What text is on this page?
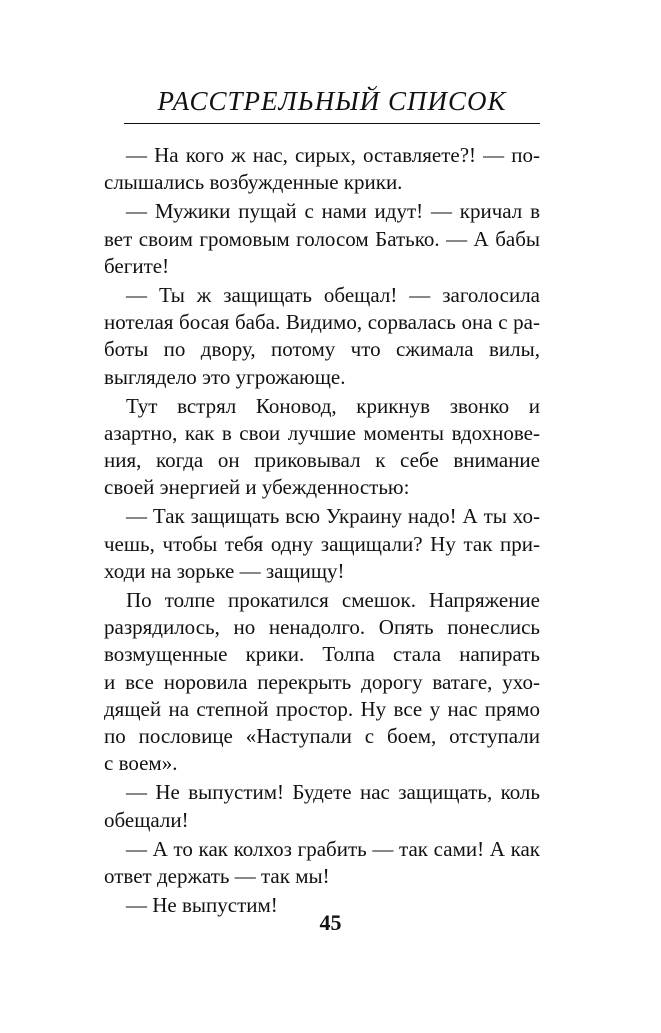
РАССТРЕЛЬНЫЙ СПИСОК

— На кого ж нас, сирых, оставляете?! — по-
слышались возбужденные крики.

— Мужики пущай с нами идут! — кричал в
вет своим громовым голосом Батько. — А бабы
бегите!

— Ты ж защищать обещал! — заголосила
нотелая босая баба. Видимо, сорвалась она с ра-
боты по двору, потому что сжимала вилы,
выглядело это угрожающе.

Тут встрял Коновод, крикнув звонко и
азартно, как в свои лучшие моменты вдохнове-
ния, когда он приковывал к себе внимание
своей энергией и убежденностью:

— Так защищать всю Украину надо! А ты хо-
чешь, чтобы тебя одну защищали? Ну так при-
ходи на зорьке — защищу!

По толпе прокатился смешок. Напряжение
разрядилось, но ненадолго. Опять понеслись
возмущенные крики. Толпа стала напирать
и все норовила перекрыть дорогу ватаге, ухо-
дящей на степной простор. Ну все у нас прямо
по пословице «Наступали с боем, отступали
с воем».

— Не выпустим! Будете нас защищать, коль
обещали!

— А то как колхоз грабить — так сами! А как
ответ держать — так мы!

— Не выпустим!

45
